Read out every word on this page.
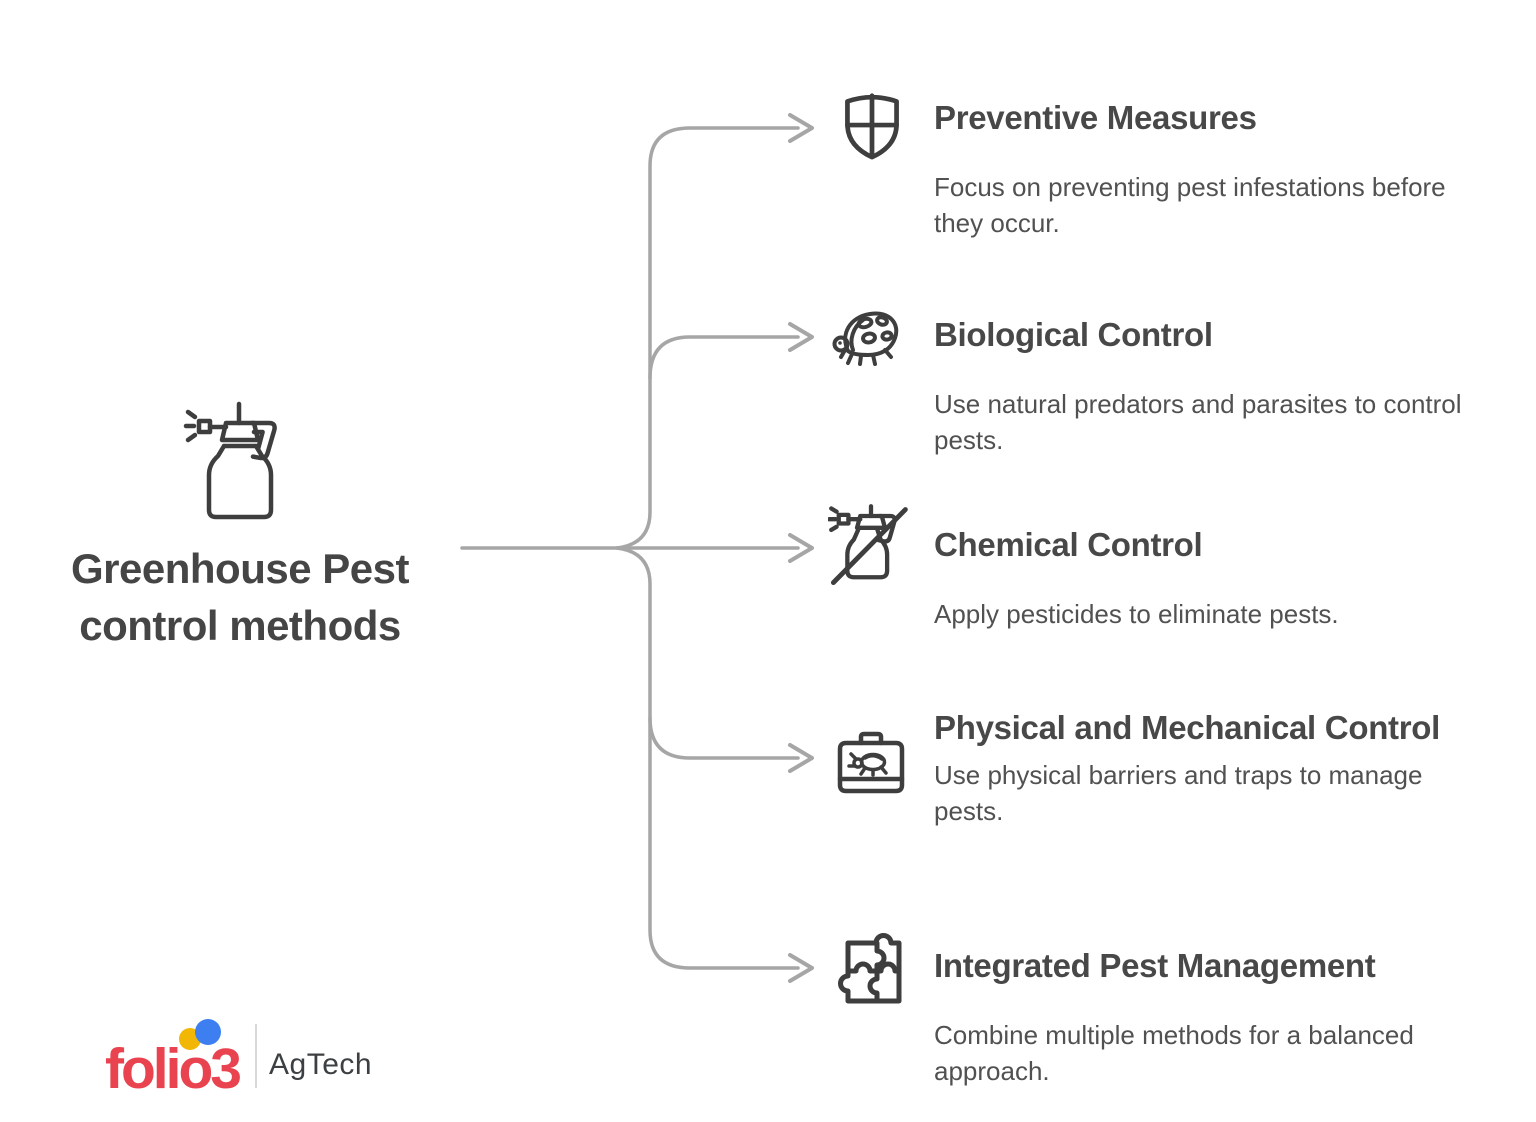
Greenhouse Pest control methods
Preventive Measures

Focus on preventing pest infestations before they occur.

Biological Control

Use natural predators and parasites to control pests.

Chemical Control

Apply pesticides to eliminate pests.

Physical and Mechanical Control

Use physical barriers and traps to manage pests.

Integrated Pest Management

Combine multiple methods for a balanced approach.

folio3 AgTech
